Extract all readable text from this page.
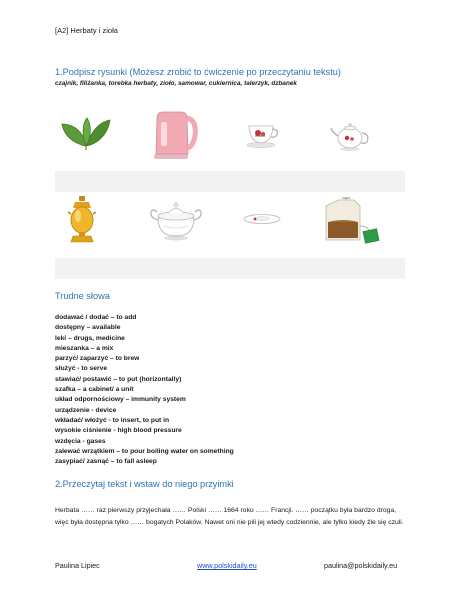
[A2] Herbaty i zioła
1.Podpisz rysunki (Możesz zrobić to ćwiczenie po przeczytaniu tekstu)
czajnik, filiżanka, torebka herbaty, zioło, samowar, cukiernica, talerzyk, dzbanek
Trudne słowa
dodawać / dodać – to add
dostępny – available
leki – drugs, medicine
mieszanka – a mix
parzyć/ zaparzyć – to brew
służyć - to serve
stawiać/ postawić – to put (horizontally)
szafka – a cabinet/ a unit
układ odpornościowy – immunity system
urządzenie - device
wkładać/ włożyć - to insert, to put in
wysokie ciśnienie - high blood pressure
wzdęcia - gases
zalewać wrzątkiem – to pour boiling water on something
zasypiać/ zasnąć – to fall asleep
2.Przeczytaj tekst i wstaw do niego przyimki
Herbata …… raz pierwszy przyjechała …… Polski …… 1664 roku …… Francji. …… początku była bardzo droga, więc była dostępna tylko …… bogatych Polaków. Nawet oni nie pili jej wtedy codziennie, ale tylko kiedy źle się czuli.
Paulina Lipiec	www.polskidaily.eu	paulina@polskidaily.eu
